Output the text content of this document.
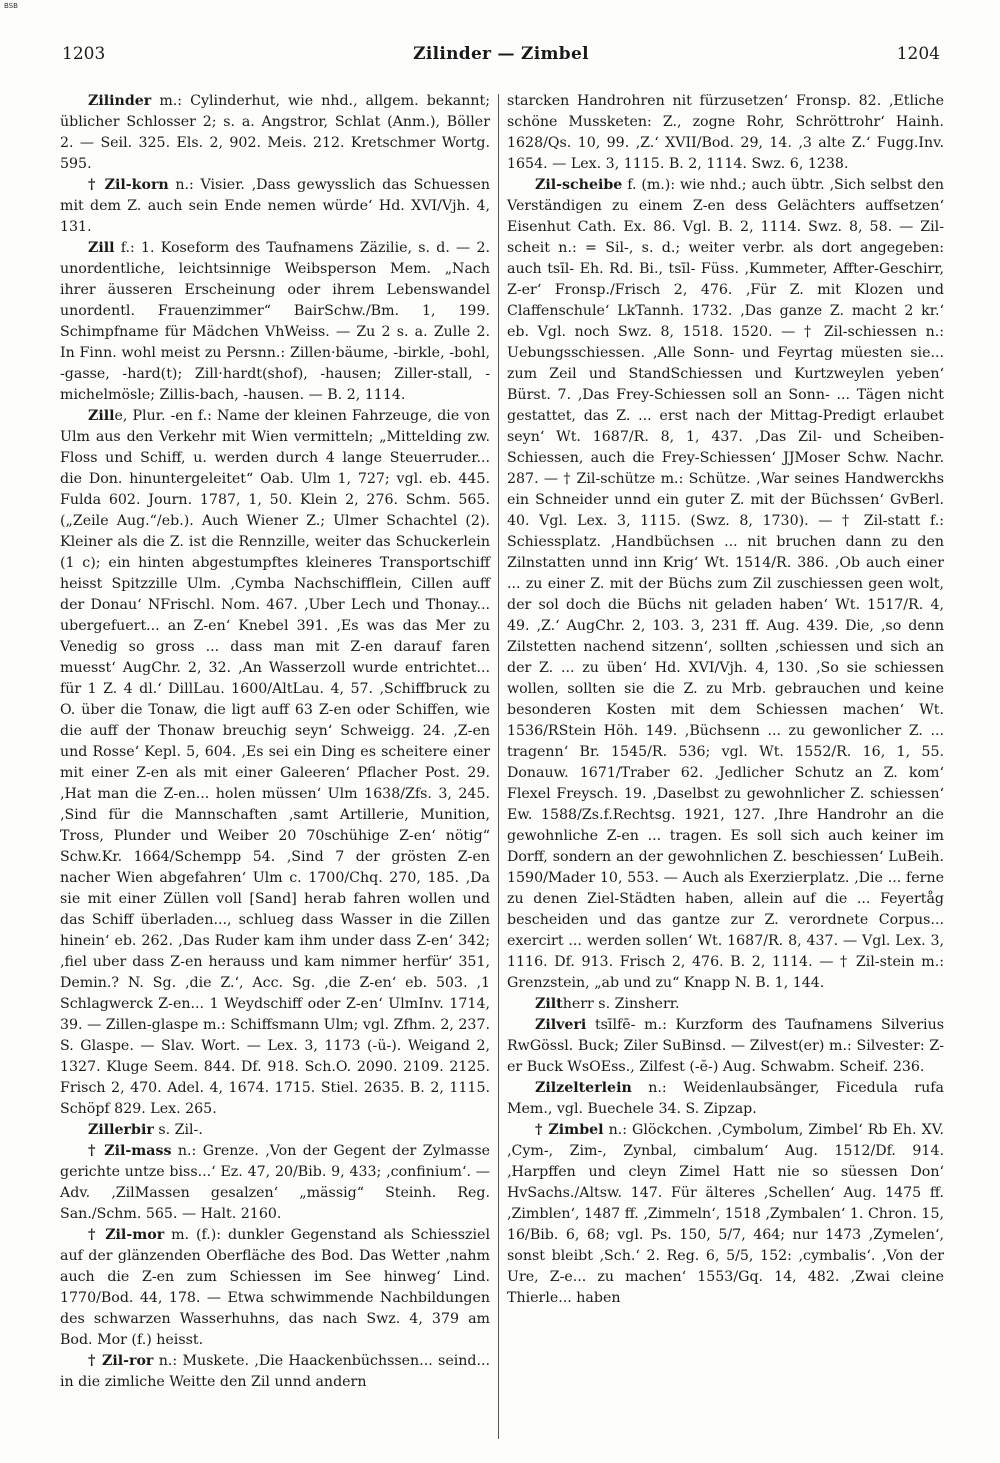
BSB
1203	Zilinder — Zimbel	1204

Zilinder m.: Cylinderhut, wie nhd., allgem. bekannt; üblicher Schlosser 2; s. a. Angstror, Schlat (Anm.), Böller 2. — Seil. 325. Els. 2, 902. Meis. 212. Kretschmer Wortg. 595.

† Zil-korn n.: Visier. ‚Dass gewysslich das Schuessen mit dem Z. auch sein Ende nemen würde‘ Hd. XVI/Vjh. 4, 131.

Zill f.: 1. Koseform des Taufnamens Zäzilie, s. d. — 2. unordentliche, leichtsinnige Weibsperson Mem. „Nach ihrer äusseren Erscheinung oder ihrem Lebenswandel unordentl. Frauenzimmer“ BairSchw./Bm. 1, 199. Schimpfname für Mädchen VhWeiss. — Zu 2 s. a. Zulle 2. In Finn. wohl meist zu Persnn.: Zillen·bäume, -birkle, -bohl, -gasse, -hard(t); Zill·hardt(shof), -hausen; Ziller-stall, -michelmösle; Zillis-bach, -hausen. — B. 2, 1114.

Zille, Plur. -en f.: Name der kleinen Fahrzeuge, die von Ulm aus den Verkehr mit Wien vermitteln; „Mittelding zw. Floss und Schiff, u. werden durch 4 lange Steuerruder... die Don. hinuntergeleitet“ Oab. Ulm 1, 727; vgl. eb. 445. Fulda 602. Journ. 1787, 1, 50. Klein 2, 276. Schm. 565. („Zeile Aug.“/eb.). Auch Wiener Z.; Ulmer Schachtel (2). Kleiner als die Z. ist die Rennzille, weiter das Schuckerlein (1 c); ein hinten abgestumpftes kleineres Transportschiff heisst Spitzzille Ulm. ‚Cymba Nachschifflein, Cillen auff der Donau‘ NFrischl. Nom. 467. ‚Uber Lech und Thonay... ubergefuert... an Z-en‘ Knebel 391. ‚Es was das Mer zu Venedig so gross ... dass man mit Z-en darauf faren muesst‘ AugChr. 2, 32. ‚An Wasserzoll wurde entrichtet... für 1 Z. 4 dl.‘ DillLau. 1600/AltLau. 4, 57. ‚Schiffbruck zu O. über die Tonaw, die ligt auff 63 Z-en oder Schiffen, wie die auff der Thonaw breuchig seyn‘ Schweigg. 24. ‚Z-en und Rosse‘ Kepl. 5, 604. ‚Es sei ein Ding es scheitere einer mit einer Z-en als mit einer Galeeren‘ Pflacher Post. 29. ‚Hat man die Z-en... holen müssen‘ Ulm 1638/Zfs. 3, 245. ‚Sind für die Mannschaften ‚samt Artillerie, Munition, Tross, Plunder und Weiber 20 70schühige Z-en‘ nötig“ Schw.Kr. 1664/Schempp 54. ‚Sind 7 der grösten Z-en nacher Wien abgefahren‘ Ulm c. 1700/Chq. 270, 185. ‚Da sie mit einer Züllen voll [Sand] herab fahren wollen und das Schiff überladen..., schlueg dass Wasser in die Zillen hinein‘ eb. 262. ‚Das Ruder kam ihm under dass Z-en‘ 342; ‚fiel uber dass Z-en herauss und kam nimmer herfür‘ 351, Demin.? N. Sg. ‚die Z.‘, Acc. Sg. ‚die Z-en‘ eb. 503. ‚1 Schlagwerck Z-en... 1 Weydschiff oder Z-en‘ UlmInv. 1714, 39. — Zillen-glaspe m.: Schiffsmann Ulm; vgl. Zfhm. 2, 237. S. Glaspe. — Slav. Wort. — Lex. 3, 1173 (-ü-). Weigand 2, 1327. Kluge Seem. 844. Df. 918. Sch.O. 2090. 2109. 2125. Frisch 2, 470. Adel. 4, 1674. 1715. Stiel. 2635. B. 2, 1115. Schöpf 829. Lex. 265.

Zillerbir s. Zil-.

† Zil-mass n.: Grenze. ‚Von der Gegent der Zylmasse gerichte untze biss...‘ Ez. 47, 20/Bib. 9, 433; ‚confinium‘. — Adv. ‚ZilMassen gesalzen‘ „mässig“ Steinh. Reg. San./Schm. 565. — Halt. 2160.

† Zil-mor m. (f.): dunkler Gegenstand als Schiessziel auf der glänzenden Oberfläche des Bod. Das Wetter ‚nahm auch die Z-en zum Schiessen im See hinweg‘ Lind. 1770/Bod. 44, 178. — Etwa schwimmende Nachbildungen des schwarzen Wasserhuhns, das nach Swz. 4, 379 am Bod. Mor (f.) heisst.

† Zil-ror n.: Muskete. ‚Die Haackenbüchssen... seind... in die zimliche Weitte den Zil unnd andern

starcken Handrohren nit fürzusetzen‘ Fronsp. 82. ‚Etliche schöne Mussketen: Z., zogne Rohr, Schröttrohr‘ Hainh. 1628/Qs. 10, 99. ‚Z.‘ XVII/Bod. 29, 14. ‚3 alte Z.‘ Fugg.Inv. 1654. — Lex. 3, 1115. B. 2, 1114. Swz. 6, 1238.

Zil-scheibe f. (m.): wie nhd.; auch übtr. ‚Sich selbst den Verständigen zu einem Z-en dess Gelächters auffsetzen‘ Eisenhut Cath. Ex. 86. Vgl. B. 2, 1114. Swz. 8, 58. — Zil-scheit n.: = Sil-, s. d.; weiter verbr. als dort angegeben: auch tsīl- Eh. Rd. Bi., tsīl- Füss. ‚Kummeter, Affter-Geschirr, Z-er‘ Fronsp./Frisch 2, 476. ‚Für Z. mit Klozen und Claffenschule‘ LkTannh. 1732. ‚Das ganze Z. macht 2 kr.‘ eb. Vgl. noch Swz. 8, 1518. 1520. — † Zil-schiessen n.: Uebungsschiessen. ‚Alle Sonn- und Feyrtag müesten sie... zum Zeil und StandSchiessen und Kurtzweylen yeben‘ Bürst. 7. ‚Das Frey-Schiessen soll an Sonn- ... Tägen nicht gestattet, das Z. ... erst nach der Mittag-Predigt erlaubet seyn‘ Wt. 1687/R. 8, 1, 437. ‚Das Zil- und Scheiben-Schiessen, auch die Frey-Schiessen‘ JJMoser Schw. Nachr. 287. — † Zil-schütze m.: Schütze. ‚War seines Handwerckhs ein Schneider unnd ein guter Z. mit der Büchssen‘ GvBerl. 40. Vgl. Lex. 3, 1115. (Swz. 8, 1730). — † Zil-statt f.: Schiessplatz. ‚Handbüchsen ... nit bruchen dann zu den Zilnstatten unnd inn Krig‘ Wt. 1514/R. 386. ‚Ob auch einer ... zu einer Z. mit der Büchs zum Zil zuschiessen geen wolt, der sol doch die Büchs nit geladen haben‘ Wt. 1517/R. 4, 49. ‚Z.‘ AugChr. 2, 103. 3, 231 ff. Aug. 439. Die, ‚so denn Zilstetten nachend sitzenn‘, sollten ‚schiessen und sich an der Z. ... zu üben‘ Hd. XVI/Vjh. 4, 130. ‚So sie schiessen wollen, sollten sie die Z. zu Mrb. gebrauchen und keine besonderen Kosten mit dem Schiessen machen‘ Wt. 1536/RStein Höh. 149. ‚Büchsenn ... zu gewonlicher Z. ... tragenn‘ Br. 1545/R. 536; vgl. Wt. 1552/R. 16, 1, 55. Donauw. 1671/Traber 62. ‚Jedlicher Schutz an Z. kom‘ Flexel Freysch. 19. ‚Daselbst zu gewohnlicher Z. schiessen‘ Ew. 1588/Zs.f.Rechtsg. 1921, 127. ‚Ihre Handrohr an die gewohnliche Z-en ... tragen. Es soll sich auch keiner im Dorff, sondern an der gewohnlichen Z. beschiessen‘ LuBeih. 1590/Mader 10, 553. — Auch als Exerzierplatz. ‚Die ... ferne zu denen Ziel-Städten haben, allein auf die ... Feyertåg bescheiden und das gantze zur Z. verordnete Corpus... exercirt ... werden sollen‘ Wt. 1687/R. 8, 437. — Vgl. Lex. 3, 1116. Df. 913. Frisch 2, 476. B. 2, 1114. — † Zil-stein m.: Grenzstein, „ab und zu“ Knapp N. B. 1, 144.

Ziltherr s. Zinsherr.

Zilveri tsīlfē- m.: Kurzform des Taufnamens Silverius RwGössl. Buck; Ziler SuBinsd. — Zilvest(er) m.: Silvester: Z-er Buck WsOEss., Zilfest (-ĕ-) Aug. Schwabm. Scheif. 236.

Zilzelterlein n.: Weidenlaubsänger, Ficedula rufa Mem., vgl. Buechele 34. S. Zipzap.

† Zimbel n.: Glöckchen. ‚Cymbolum, Zimbel‘ Rb Eh. XV. ‚Cym-, Zim-, Zynbal, cimbalum‘ Aug. 1512/Df. 914. ‚Harpffen und cleyn Zimel Hatt nie so süessen Don‘ HvSachs./Altsw. 147. Für älteres ‚Schellen‘ Aug. 1475 ff. ‚Zimblen‘, 1487 ff. ‚Zimmeln‘, 1518 ‚Zymbalen‘ 1. Chron. 15, 16/Bib. 6, 68; vgl. Ps. 150, 5/7, 464; nur 1473 ‚Zymelen‘, sonst bleibt ‚Sch.‘ 2. Reg. 6, 5/5, 152: ‚cymbalis‘. ‚Von der Ure, Z-e... zu machen‘ 1553/Gq. 14, 482. ‚Zwai cleine Thierle... haben
